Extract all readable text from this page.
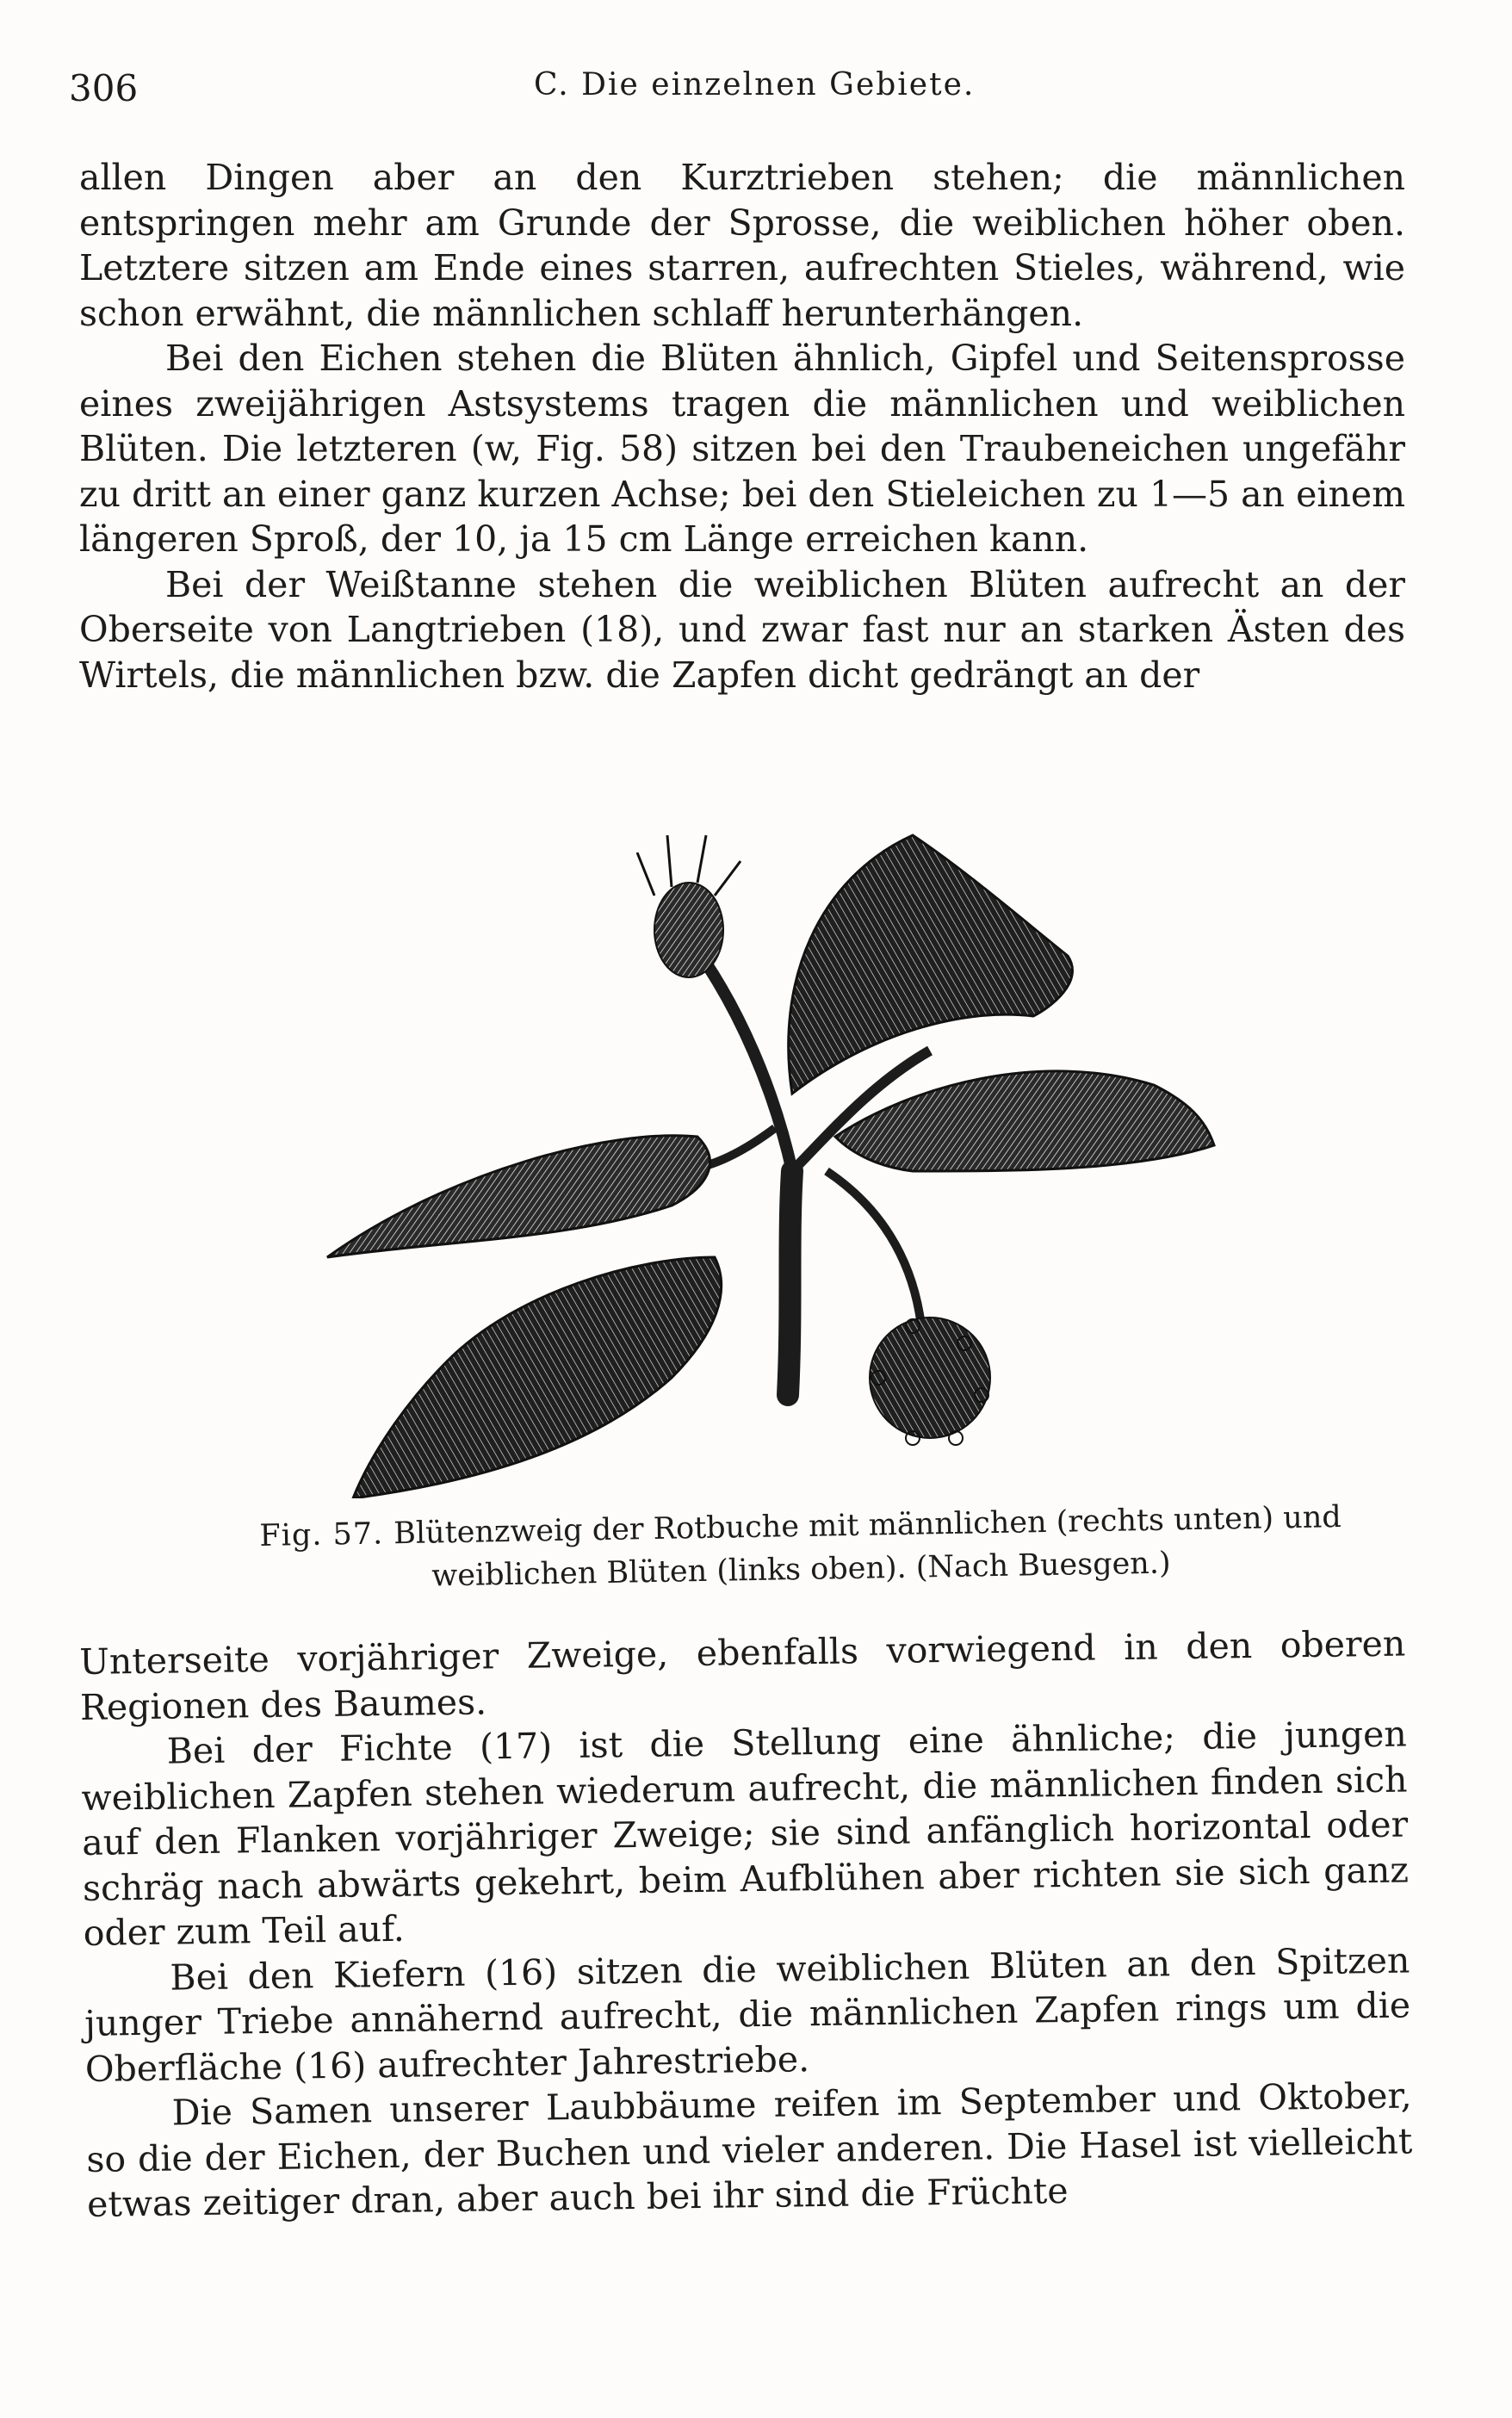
306	C. Die einzelnen Gebiete.

allen Dingen aber an den Kurztrieben stehen; die männlichen entspringen mehr am Grunde der Sprosse, die weiblichen höher oben. Letztere sitzen am Ende eines starren, aufrechten Stieles, während, wie schon erwähnt, die männlichen schlaff herunterhängen.

Bei den Eichen stehen die Blüten ähnlich, Gipfel und Seitensprosse eines zweijährigen Astsystems tragen die männlichen und weiblichen Blüten. Die letzteren (w, Fig. 58) sitzen bei den Traubeneichen ungefähr zu dritt an einer ganz kurzen Achse; bei den Stieleichen zu 1—5 an einem längeren Sproß, der 10, ja 15 cm Länge erreichen kann.

Bei der Weißtanne stehen die weiblichen Blüten aufrecht an der Oberseite von Langtrieben (18), und zwar fast nur an starken Ästen des Wirtels, die männlichen bzw. die Zapfen dicht gedrängt an der

Fig. 57. Blütenzweig der Rotbuche mit männlichen (rechts unten) und weiblichen Blüten (links oben). (Nach Buesgen.)

Unterseite vorjähriger Zweige, ebenfalls vorwiegend in den oberen Regionen des Baumes.

Bei der Fichte (17) ist die Stellung eine ähnliche; die jungen weiblichen Zapfen stehen wiederum aufrecht, die männlichen finden sich auf den Flanken vorjähriger Zweige; sie sind anfänglich horizontal oder schräg nach abwärts gekehrt, beim Aufblühen aber richten sie sich ganz oder zum Teil auf.

Bei den Kiefern (16) sitzen die weiblichen Blüten an den Spitzen junger Triebe annähernd aufrecht, die männlichen Zapfen rings um die Oberfläche (16) aufrechter Jahrestriebe.

Die Samen unserer Laubbäume reifen im September und Oktober, so die der Eichen, der Buchen und vieler anderen. Die Hasel ist vielleicht etwas zeitiger dran, aber auch bei ihr sind die Früchte
